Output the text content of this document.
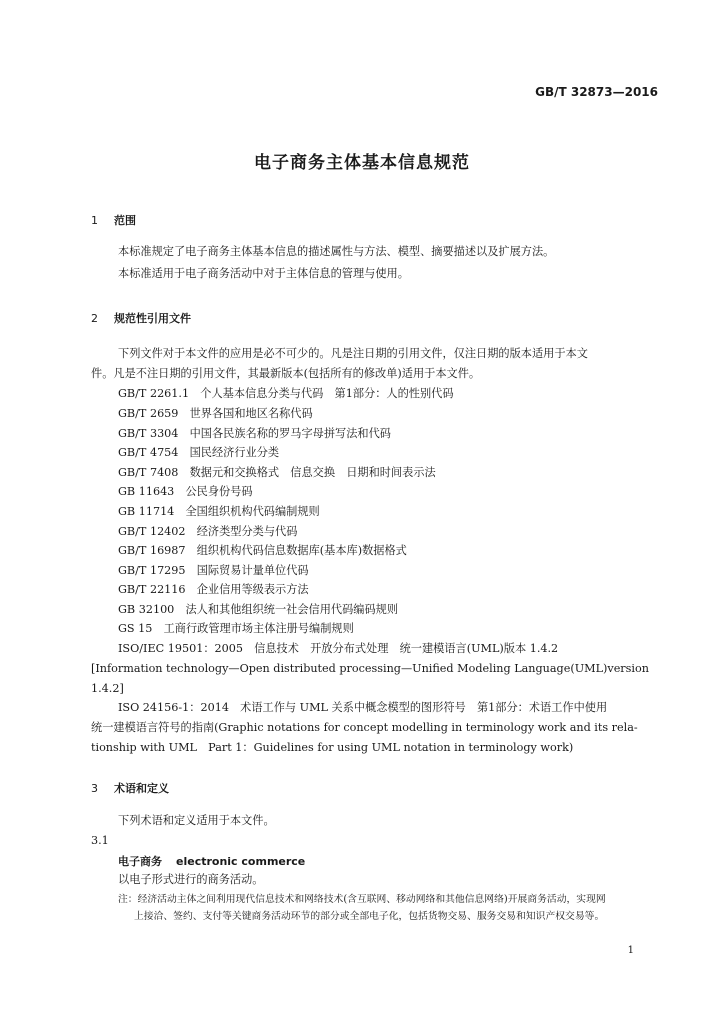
GB/T 32873—2016
电子商务主体基本信息规范
1 范围
本标准规定了电子商务主体基本信息的描述属性与方法、模型、摘要描述以及扩展方法。
本标准适用于电子商务活动中对于主体信息的管理与使用。
2 规范性引用文件
下列文件对于本文件的应用是必不可少的。凡是注日期的引用文件，仅注日期的版本适用于本文
件。凡是不注日期的引用文件，其最新版本(包括所有的修改单)适用于本文件。
GB/T 2261.1　个人基本信息分类与代码　第1部分：人的性别代码
GB/T 2659　世界各国和地区名称代码
GB/T 3304　中国各民族名称的罗马字母拼写法和代码
GB/T 4754　国民经济行业分类
GB/T 7408　数据元和交换格式　信息交换　日期和时间表示法
GB 11643　公民身份号码
GB 11714　全国组织机构代码编制规则
GB/T 12402　经济类型分类与代码
GB/T 16987　组织机构代码信息数据库(基本库)数据格式
GB/T 17295　国际贸易计量单位代码
GB/T 22116　企业信用等级表示方法
GB 32100　法人和其他组织统一社会信用代码编码规则
GS 15　工商行政管理市场主体注册号编制规则
ISO/IEC 19501：2005　信息技术　开放分布式处理　统一建模语言(UML)版本 1.4.2
[Information technology—Open distributed processing—Unified Modeling Language(UML)version
1.4.2]
ISO 24156-1：2014　术语工作与 UML 关系中概念模型的图形符号　第1部分：术语工作中使用
统一建模语言符号的指南(Graphic notations for concept modelling in terminology work and its rela-
tionship with UML　Part 1：Guidelines for using UML notation in terminology work)
3 术语和定义
下列术语和定义适用于本文件。
3.1
电子商务 electronic commerce
以电子形式进行的商务活动。
注：经济活动主体之间利用现代信息技术和网络技术(含互联网、移动网络和其他信息网络)开展商务活动，实现网
上接洽、签约、支付等关键商务活动环节的部分或全部电子化，包括货物交易、服务交易和知识产权交易等。
1
